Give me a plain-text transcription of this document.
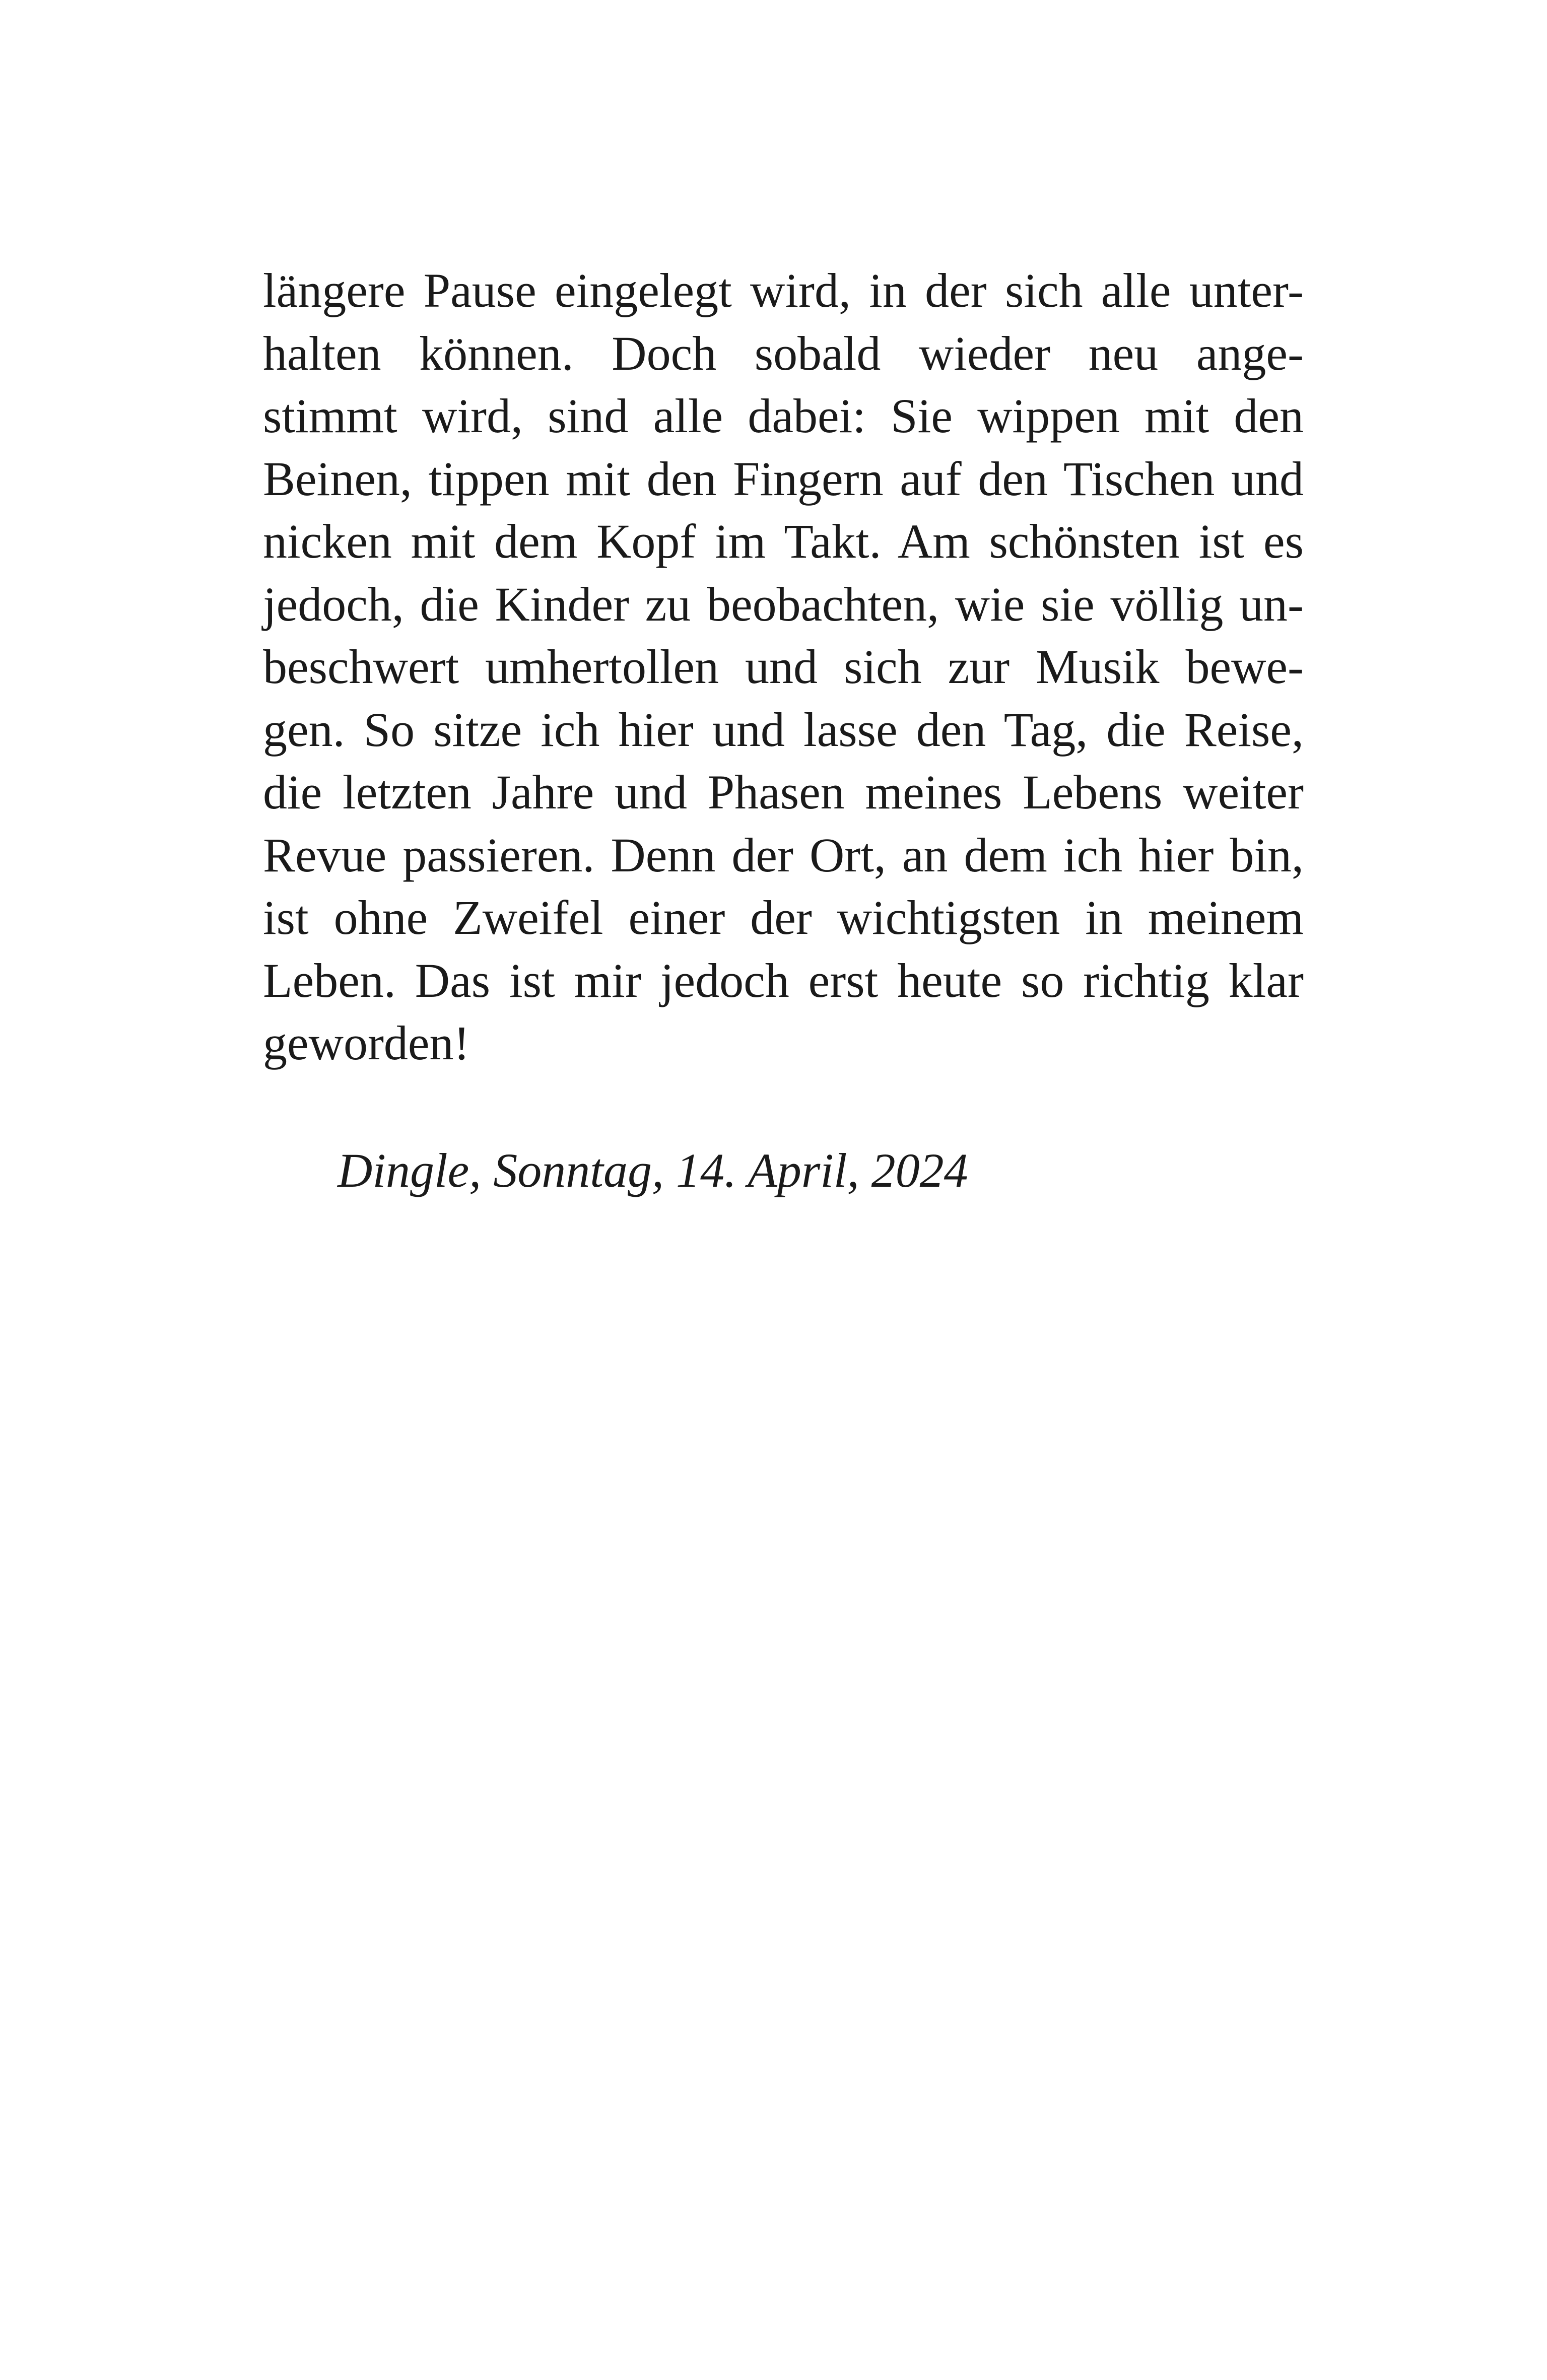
längere Pause eingelegt wird, in der sich alle unter-
halten können. Doch sobald wieder neu ange-
stimmt wird, sind alle dabei: Sie wippen mit den
Beinen, tippen mit den Fingern auf den Tischen und
nicken mit dem Kopf im Takt. Am schönsten ist es
jedoch, die Kinder zu beobachten, wie sie völlig un-
beschwert umhertollen und sich zur Musik bewe-
gen. So sitze ich hier und lasse den Tag, die Reise,
die letzten Jahre und Phasen meines Lebens weiter
Revue passieren. Denn der Ort, an dem ich hier bin,
ist ohne Zweifel einer der wichtigsten in meinem
Leben. Das ist mir jedoch erst heute so richtig klar
geworden!
Dingle, Sonntag, 14. April, 2024
